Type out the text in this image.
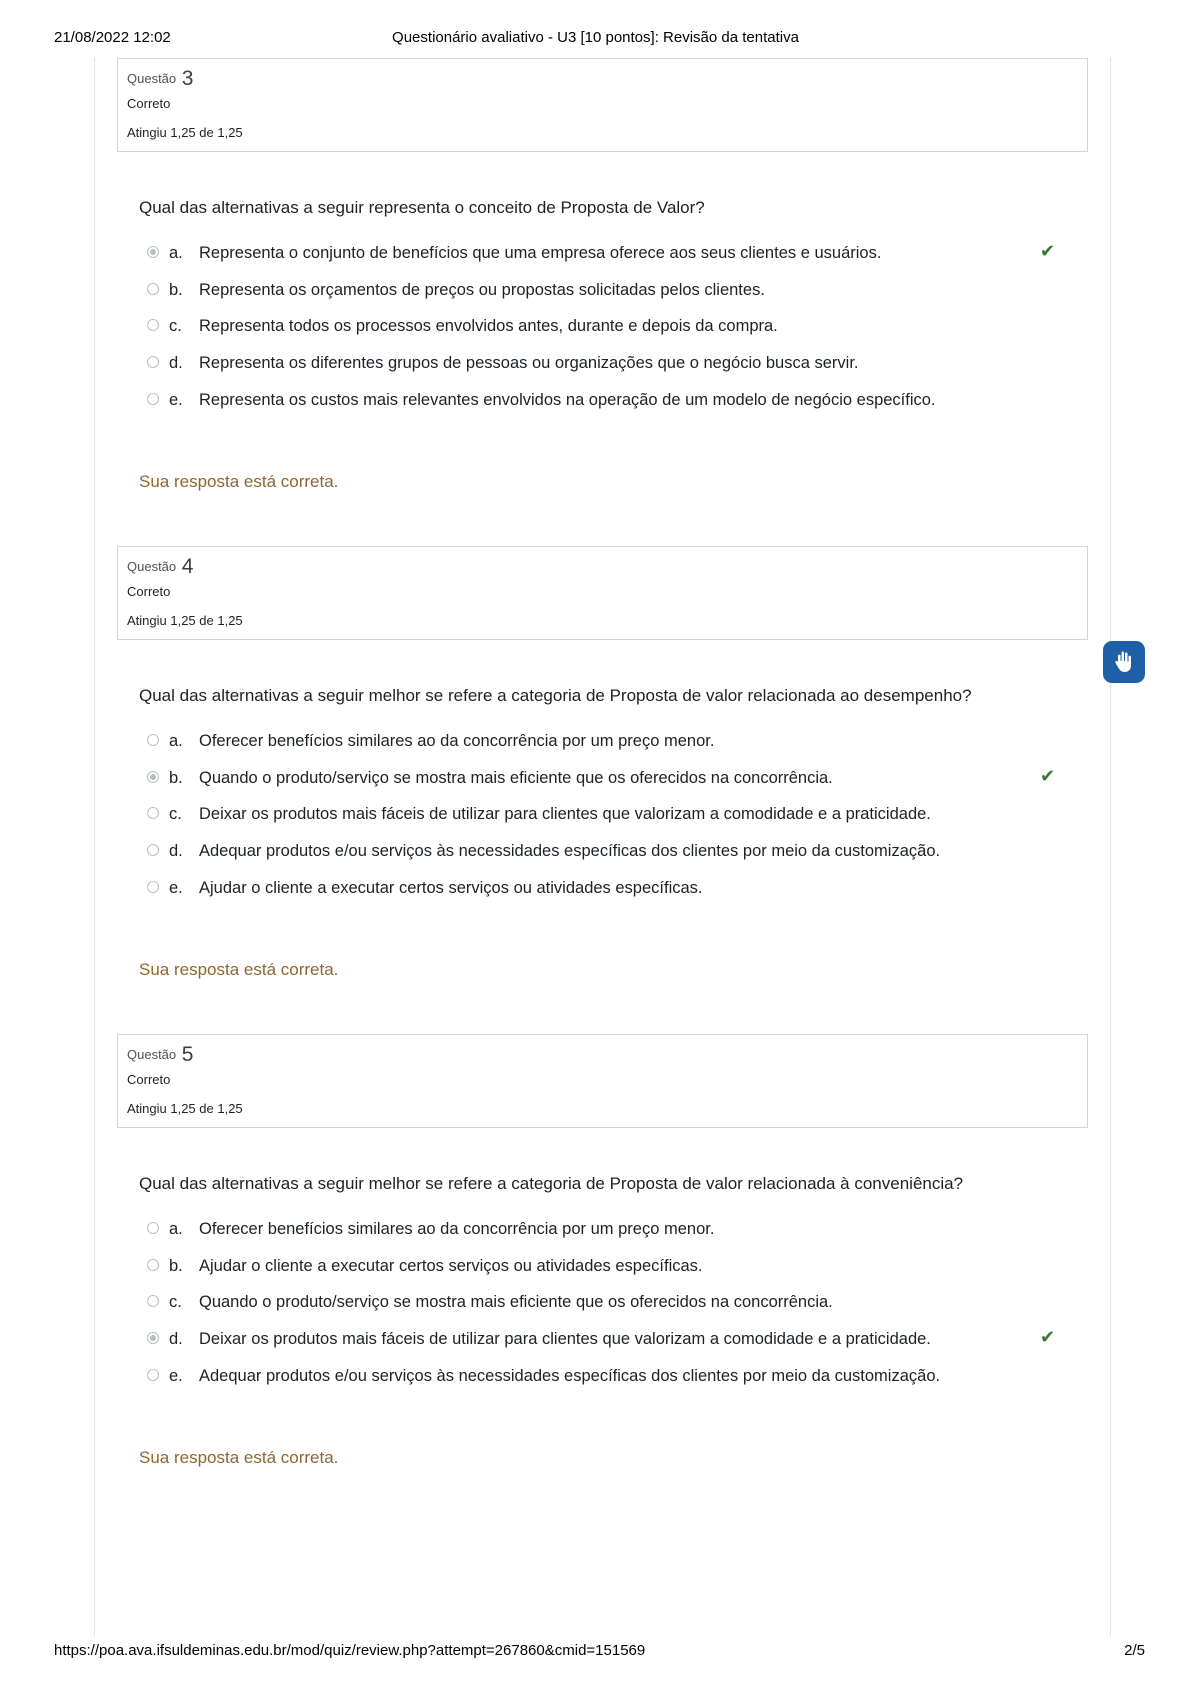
21/08/2022 12:02	Questionário avaliativo - U3 [10 pontos]: Revisão da tentativa
Questão 3
Correto
Atingiu 1,25 de 1,25
Qual das alternativas a seguir representa o conceito de Proposta de Valor?
a. Representa o conjunto de benefícios que uma empresa oferece aos seus clientes e usuários.	✔
b. Representa os orçamentos de preços ou propostas solicitadas pelos clientes.
c. Representa todos os processos envolvidos antes, durante e depois da compra.
d. Representa os diferentes grupos de pessoas ou organizações que o negócio busca servir.
e. Representa os custos mais relevantes envolvidos na operação de um modelo de negócio específico.
Sua resposta está correta.
Questão 4
Correto
Atingiu 1,25 de 1,25
Qual das alternativas a seguir melhor se refere a categoria de Proposta de valor relacionada ao desempenho?
a. Oferecer benefícios similares ao da concorrência por um preço menor.
b. Quando o produto/serviço se mostra mais eficiente que os oferecidos na concorrência.	✔
c. Deixar os produtos mais fáceis de utilizar para clientes que valorizam a comodidade e a praticidade.
d. Adequar produtos e/ou serviços às necessidades específicas dos clientes por meio da customização.
e. Ajudar o cliente a executar certos serviços ou atividades específicas.
Sua resposta está correta.
Questão 5
Correto
Atingiu 1,25 de 1,25
Qual das alternativas a seguir melhor se refere a categoria de Proposta de valor relacionada à conveniência?
a. Oferecer benefícios similares ao da concorrência por um preço menor.
b. Ajudar o cliente a executar certos serviços ou atividades específicas.
c. Quando o produto/serviço se mostra mais eficiente que os oferecidos na concorrência.
d. Deixar os produtos mais fáceis de utilizar para clientes que valorizam a comodidade e a praticidade.	✔
e. Adequar produtos e/ou serviços às necessidades específicas dos clientes por meio da customização.
Sua resposta está correta.
https://poa.ava.ifsuldeminas.edu.br/mod/quiz/review.php?attempt=267860&cmid=151569	2/5
